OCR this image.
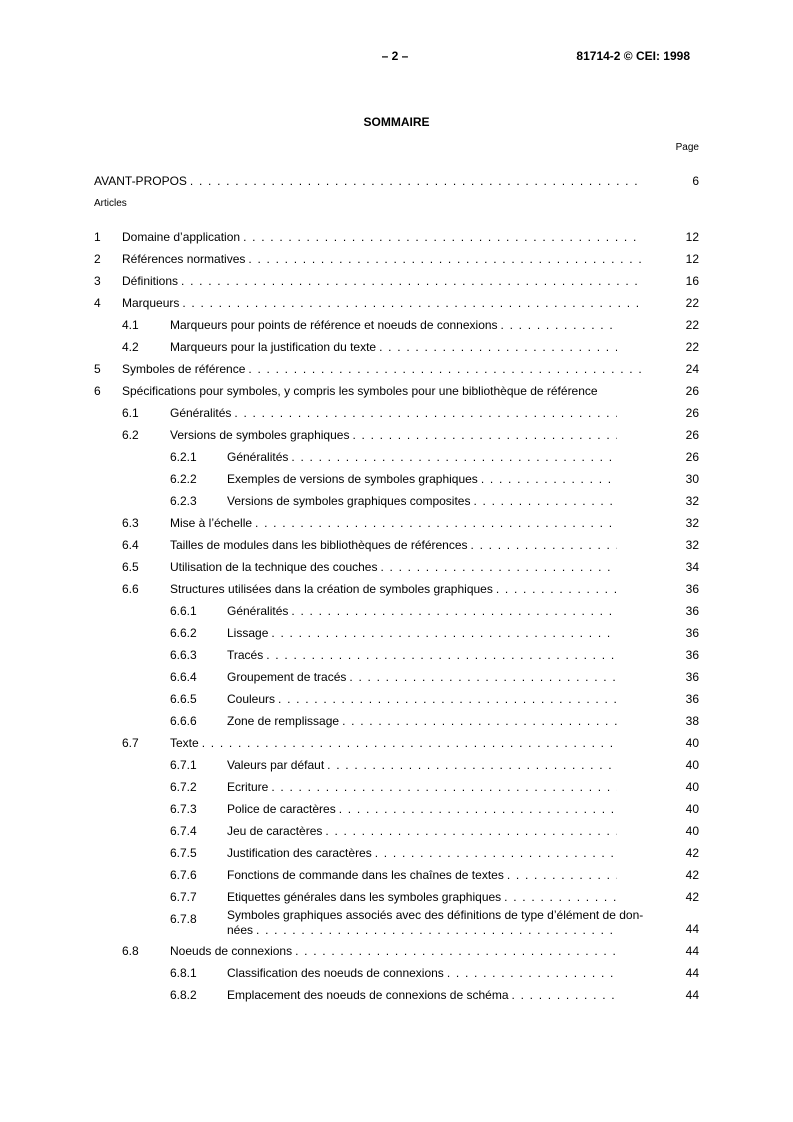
– 2 –	81714-2 © CEI: 1998
SOMMAIRE
Page
AVANT-PROPOS . . .	6
Articles
1 Domaine d’application . . .	12
2 Références normatives . . .	12
3 Définitions . . .	16
4 Marqueurs . . .	22
4.1	Marqueurs pour points de référence et noeuds de connexions . . .	22
4.2	Marqueurs pour la justification du texte . . .	22
5 Symboles de référence . . .	24
6 Spécifications pour symboles, y compris les symboles pour une bibliothèque de référence	26
6.1	Généralités . . .	26
6.2	Versions de symboles graphiques . . .	26
6.2.1	Généralités . . .	26
6.2.2	Exemples de versions de symboles graphiques . . .	30
6.2.3	Versions de symboles graphiques composites . . .	32
6.3	Mise à l’échelle . . .	32
6.4	Tailles de modules dans les bibliothèques de références . . .	32
6.5	Utilisation de la technique des couches . . .	34
6.6	Structures utilisées dans la création de symboles graphiques . . .	36
6.6.1	Généralités . . .	36
6.6.2	Lissage . . .	36
6.6.3	Tracés . . .	36
6.6.4	Groupement de tracés . . .	36
6.6.5	Couleurs . . .	36
6.6.6	Zone de remplissage . . .	38
6.7	Texte . . .	40
6.7.1	Valeurs par défaut . . .	40
6.7.2	Ecriture . . .	40
6.7.3	Police de caractères . . .	40
6.7.4	Jeu de caractères . . .	40
6.7.5	Justification des caractères . . .	42
6.7.6	Fonctions de commande dans les chaînes de textes . . .	42
6.7.7	Etiquettes générales dans les symboles graphiques . . .	42
6.7.8	Symboles graphiques associés avec des définitions de type d’élément de don-
nées . . .	44
6.8	Noeuds de connexions . . .	44
6.8.1	Classification des noeuds de connexions . . .	44
6.8.2	Emplacement des noeuds de connexions de schéma . . .	44
